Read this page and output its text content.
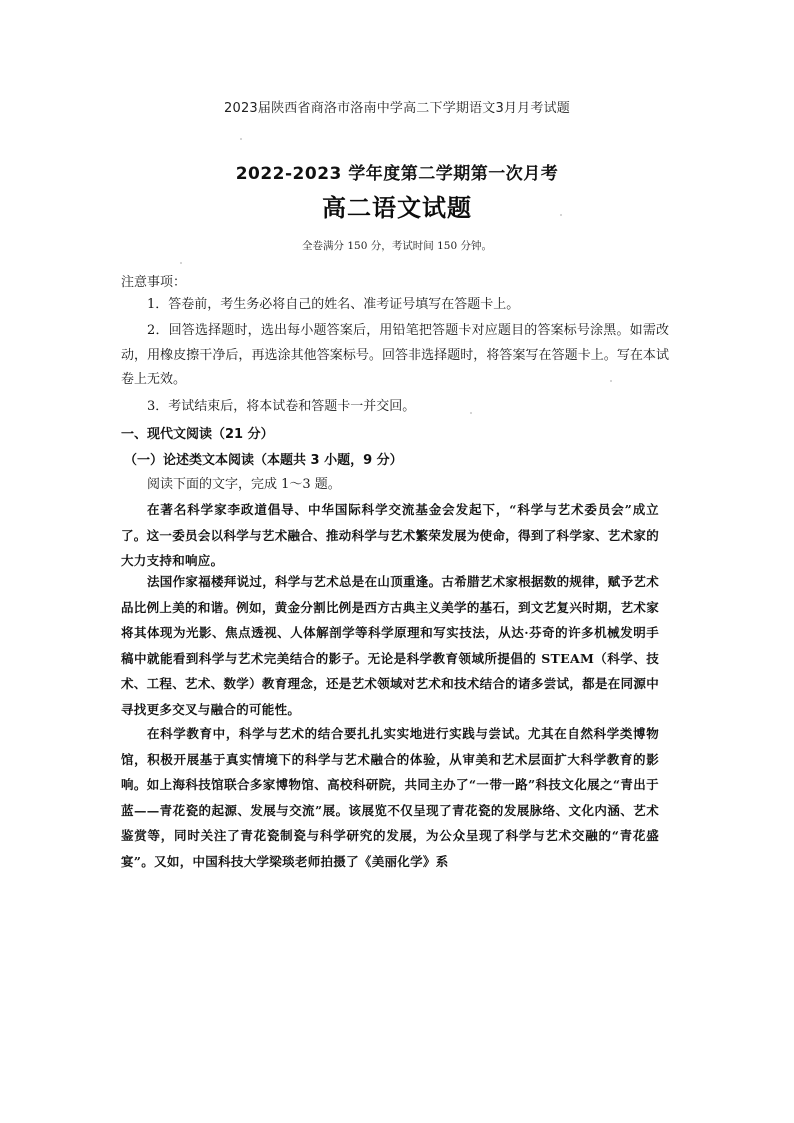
2023届陕西省商洛市洛南中学高二下学期语文3月月考试题
2022-2023 学年度第二学期第一次月考
高二语文试题
全卷满分 150 分，考试时间 150 分钟。
注意事项：
1．答卷前，考生务必将自己的姓名、准考证号填写在答题卡上。
2．回答选择题时，选出每小题答案后，用铅笔把答题卡对应题目的答案标号涂黑。如需改动，用橡皮擦干净后，再选涂其他答案标号。回答非选择题时，将答案写在答题卡上。写在本试卷上无效。
3．考试结束后，将本试卷和答题卡一并交回。
一、现代文阅读（21 分）
（一）论述类文本阅读（本题共 3 小题，9 分）
阅读下面的文字，完成 1～3 题。
在著名科学家李政道倡导、中华国际科学交流基金会发起下，“科学与艺术委员会”成立了。这一委员会以科学与艺术融合、推动科学与艺术繁荣发展为使命，得到了科学家、艺术家的大力支持和响应。
法国作家福楼拜说过，科学与艺术总是在山顶重逢。古希腊艺术家根据数的规律，赋予艺术品比例上美的和谐。例如，黄金分割比例是西方古典主义美学的基石，到文艺复兴时期，艺术家将其体现为光影、焦点透视、人体解剖学等科学原理和写实技法，从达·芬奇的许多机械发明手稿中就能看到科学与艺术完美结合的影子。无论是科学教育领域所提倡的 STEAM（科学、技术、工程、艺术、数学）教育理念，还是艺术领域对艺术和技术结合的诸多尝试，都是在同源中寻找更多交叉与融合的可能性。
在科学教育中，科学与艺术的结合要扎扎实实地进行实践与尝试。尤其在自然科学类博物馆，积极开展基于真实情境下的科学与艺术融合的体验，从审美和艺术层面扩大科学教育的影响。如上海科技馆联合多家博物馆、高校科研院，共同主办了“一带一路”科技文化展之“青出于蓝——青花瓷的起源、发展与交流”展。该展览不仅呈现了青花瓷的发展脉络、文化内涵、艺术鉴赏等，同时关注了青花瓷制瓷与科学研究的发展，为公众呈现了科学与艺术交融的“青花盛宴”。又如，中国科技大学梁琰老师拍摄了《美丽化学》系
